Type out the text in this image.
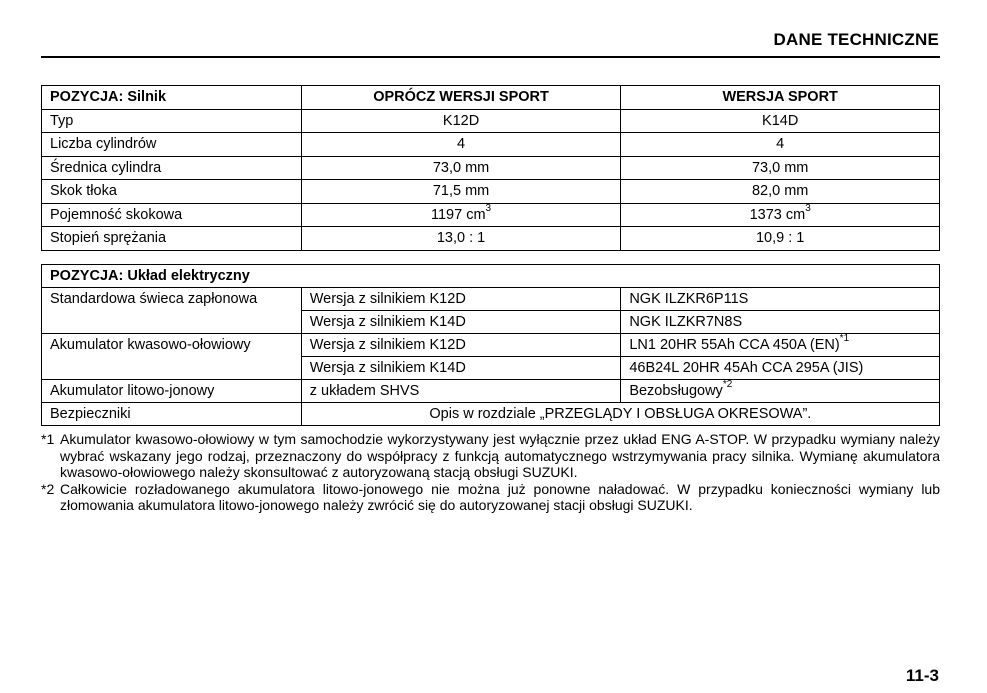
DANE TECHNICZNE
POZYCJA: Silnik	OPRÓCZ WERSJI SPORT	WERSJA SPORT
Typ	K12D	K14D
Liczba cylindrów	4	4
Średnica cylindra	73,0 mm	73,0 mm
Skok tłoka	71,5 mm	82,0 mm
Pojemność skokowa	1197 $cm^3$	1373 $cm^3$
Stopień sprężania	13,0 : 1	10,9 : 1
POZYCJA: Układ elektryczny		
Standardowa świeca zapłonowa	Wersja z silnikiem K12D	NGK ILZKR6P11S
	Wersja z silnikiem K14D	NGK ILZKR7N8S
Akumulator kwasowo-ołowiowy	Wersja z silnikiem K12D	LN1 20HR 55Ah CCA 450A (EN)$^{*1}$
	Wersja z silnikiem K14D	46B24L 20HR 45Ah CCA 295A (JIS)
Akumulator litowo-jonowy	z układem SHVS	Bezobsługowy$^{*2}$
Bezpieczniki	Opis w rozdziale „PRZEGLĄDY I OBSŁUGA OKRESOWA”.	
*1 Akumulator kwasowo-ołowiowy w tym samochodzie wykorzystywany jest wyłącznie przez układ ENG A-STOP. W przypadku wymiany należy wybrać wskazany jego rodzaj, przeznaczony do współpracy z funkcją automatycznego wstrzymywania pracy silnika. Wymianę akumulatora kwasowo-ołowiowego należy skonsultować z autoryzowaną stacją obsługi SUZUKI.
*2 Całkowicie rozładowanego akumulatora litowo-jonowego nie można już ponowne naładować. W przypadku konieczności wymiany lub złomowania akumulatora litowo-jonowego należy zwrócić się do autoryzowanej stacji obsługi SUZUKI.
11-3
